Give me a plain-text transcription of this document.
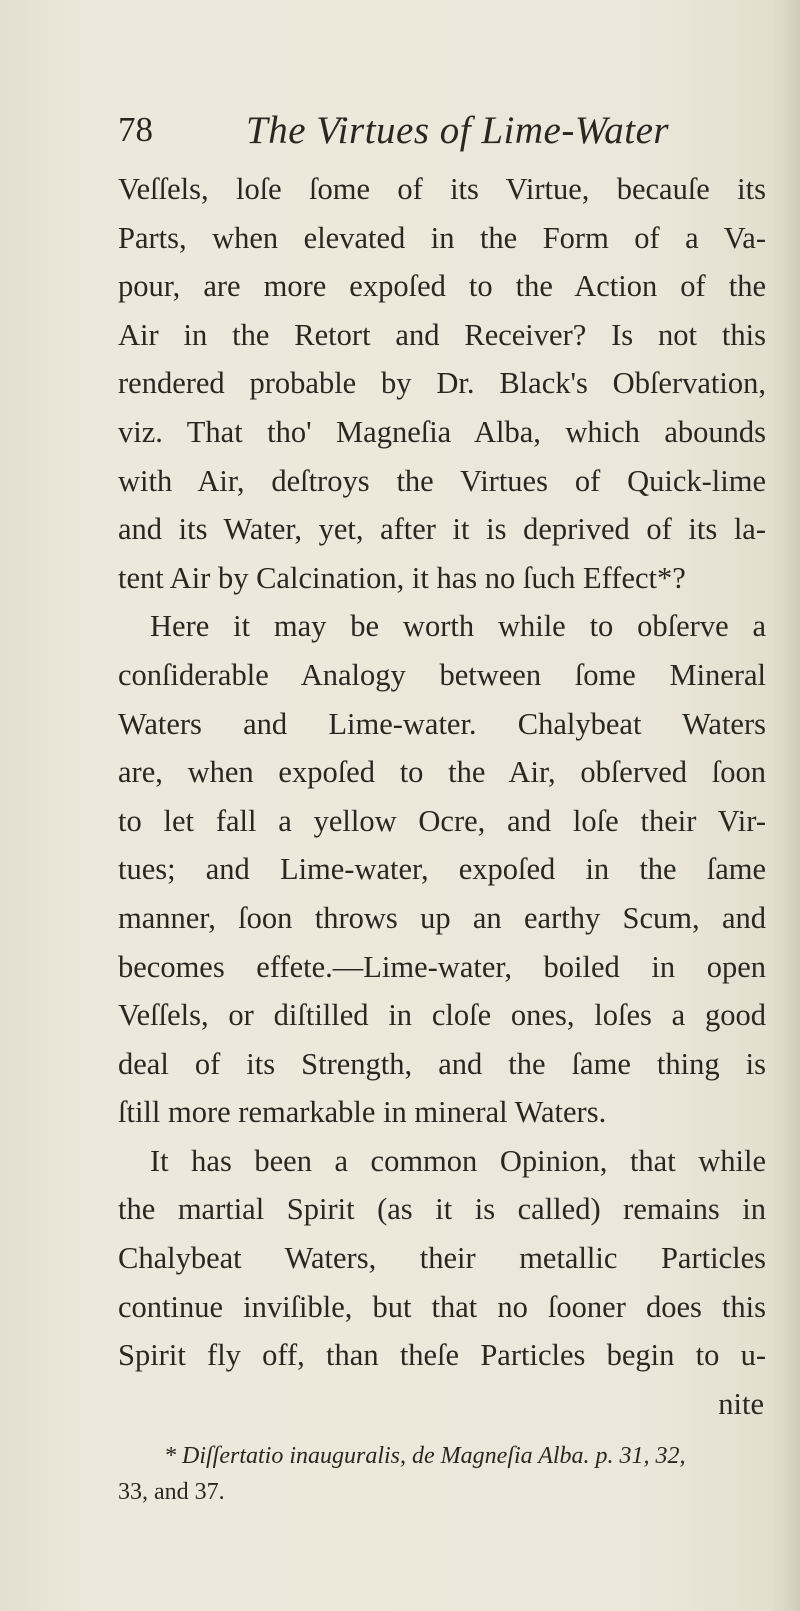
78 The Virtues of Lime-Water
Veſſels, loſe ſome of its Virtue, becauſe its
Parts, when elevated in the Form of a Va-
pour, are more expoſed to the Action of the
Air in the Retort and Receiver? Is not this
rendered probable by Dr. Black's Obſervation,
viz. That tho' Magneſia Alba, which abounds
with Air, deſtroys the Virtues of Quick-lime
and its Water, yet, after it is deprived of its la-
tent Air by Calcination, it has no ſuch Effect*?
Here it may be worth while to obſerve a
conſiderable Analogy between ſome Mineral
Waters and Lime-water. Chalybeat Waters
are, when expoſed to the Air, obſerved ſoon
to let fall a yellow Ocre, and loſe their Vir-
tues; and Lime-water, expoſed in the ſame
manner, ſoon throws up an earthy Scum, and
becomes effete.—Lime-water, boiled in open
Veſſels, or diſtilled in cloſe ones, loſes a good
deal of its Strength, and the ſame thing is
ſtill more remarkable in mineral Waters.
It has been a common Opinion, that while
the martial Spirit (as it is called) remains in
Chalybeat Waters, their metallic Particles
continue inviſible, but that no ſooner does this
Spirit fly off, than theſe Particles begin to u-
nite
* Diſſertatio inauguralis, de Magneſia Alba. p. 31, 32,
33, and 37.
